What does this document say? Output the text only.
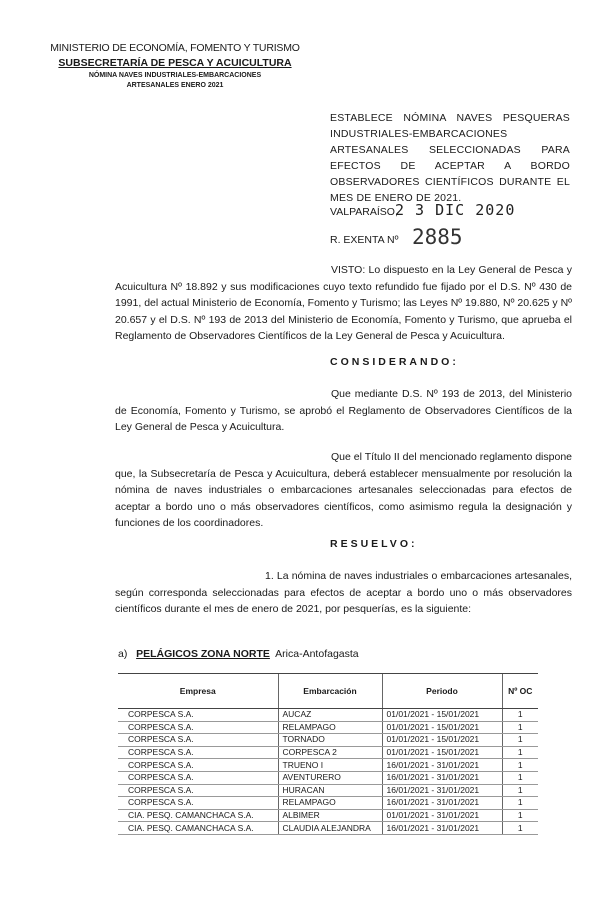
MINISTERIO DE ECONOMÍA, FOMENTO Y TURISMO
SUBSECRETARÍA DE PESCA Y ACUICULTURA
NÓMINA NAVES INDUSTRIALES-EMBARCACIONES
ARTESANALES ENERO 2021
ESTABLECE NÓMINA NAVES PESQUERAS INDUSTRIALES-EMBARCACIONES ARTESANALES SELECCIONADAS PARA EFECTOS DE ACEPTAR A BORDO OBSERVADORES CIENTÍFICOS DURANTE EL MES DE ENERO DE 2021.
VALPARAÍSO,
2 3 DIC 2020
R. EXENTA Nº 2885
VISTO: Lo dispuesto en la Ley General de Pesca y Acuicultura Nº 18.892 y sus modificaciones cuyo texto refundido fue fijado por el D.S. Nº 430 de 1991, del actual Ministerio de Economía, Fomento y Turismo; las Leyes Nº 19.880, Nº 20.625 y Nº 20.657 y el D.S. Nº 193 de 2013 del Ministerio de Economía, Fomento y Turismo, que aprueba el Reglamento de Observadores Científicos de la Ley General de Pesca y Acuicultura.
CONSIDERANDO:
Que mediante D.S. Nº 193 de 2013, del Ministerio de Economía, Fomento y Turismo, se aprobó el Reglamento de Observadores Científicos de la Ley General de Pesca y Acuicultura.
Que el Título II del mencionado reglamento dispone que, la Subsecretaría de Pesca y Acuicultura, deberá establecer mensualmente por resolución la nómina de naves industriales o embarcaciones artesanales seleccionadas para efectos de aceptar a bordo uno o más observadores científicos, como asimismo regula la designación y funciones de los coordinadores.
RESUELVO:
1. La nómina de naves industriales o embarcaciones artesanales, según corresponda seleccionadas para efectos de aceptar a bordo uno o más observadores científicos durante el mes de enero de 2021, por pesquerías, es la siguiente:
a) PELÁGICOS ZONA NORTE Arica-Antofagasta
Empresa	Embarcación	Periodo	Nº OC
CORPESCA S.A.	AUCAZ	01/01/2021 - 15/01/2021	1
CORPESCA S.A.	RELAMPAGO	01/01/2021 - 15/01/2021	1
CORPESCA S.A.	TORNADO	01/01/2021 - 15/01/2021	1
CORPESCA S.A.	CORPESCA 2	01/01/2021 - 15/01/2021	1
CORPESCA S.A.	TRUENO I	16/01/2021 - 31/01/2021	1
CORPESCA S.A.	AVENTURERO	16/01/2021 - 31/01/2021	1
CORPESCA S.A.	HURACAN	16/01/2021 - 31/01/2021	1
CORPESCA S.A.	RELAMPAGO	16/01/2021 - 31/01/2021	1
CIA. PESQ. CAMANCHACA S.A.	ALBIMER	01/01/2021 - 31/01/2021	1
CIA. PESQ. CAMANCHACA S.A.	CLAUDIA ALEJANDRA	16/01/2021 - 31/01/2021	1
